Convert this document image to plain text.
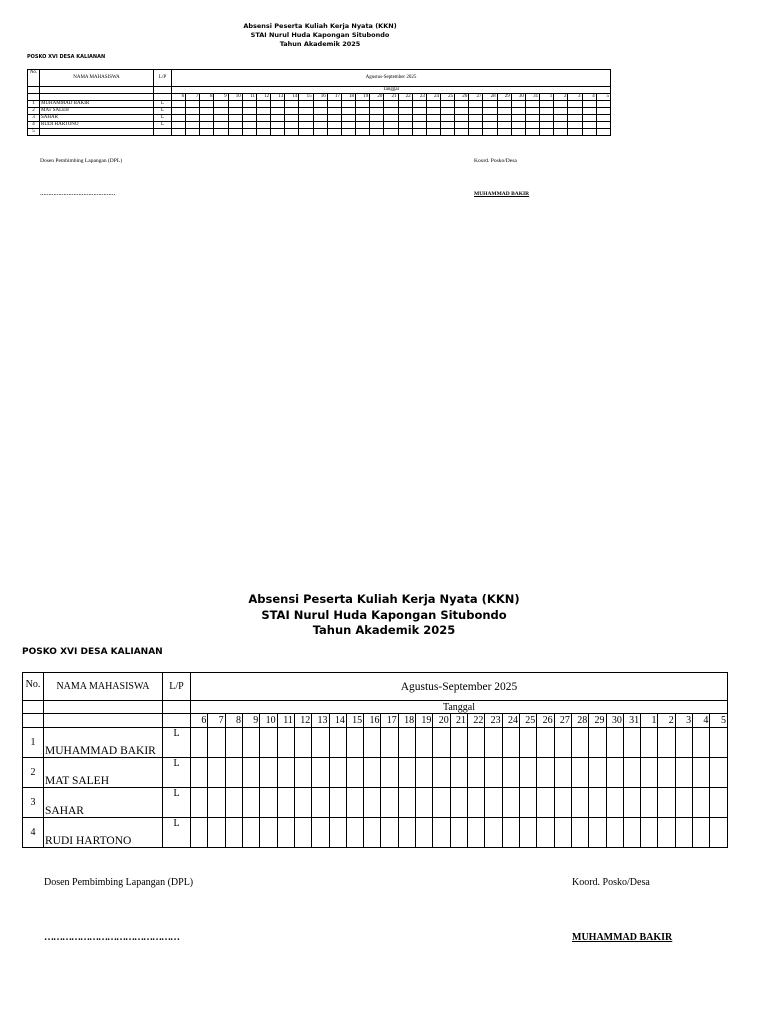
Absensi Peserta Kuliah Kerja Nyata (KKN)
STAI Nurul Huda Kapongan Situbondo
Tahun Akademik 2025
POSKO XVI DESA KALIANAN
No.	NAMA MAHASISWA	L/P	Agustus-September 2025																														
			Tanggal																														
			6	7	8	9	10	11	12	13	14	15	16	17	18	19	20	21	22	23	24	25	26	27	28	29	30	31	1	2	3	4	5
1	MUHAMMAD BAKIR	L																															
2	MAT SALEH	L																															
3	SAHAR	L																															
4	RUDI HARTONO	L																															
5																																	
Dosen Pembimbing Lapangan (DPL)	Koord. Posko/Desa
………………………………………	MUHAMMAD BAKIR
Absensi Peserta Kuliah Kerja Nyata (KKN)
STAI Nurul Huda Kapongan Situbondo
Tahun Akademik 2025
POSKO XVI DESA KALIANAN
No.	NAMA MAHASISWA	L/P	Agustus-September 2025																														
			Tanggal																														
			6	7	8	9	10	11	12	13	14	15	16	17	18	19	20	21	22	23	24	25	26	27	28	29	30	31	1	2	3	4	5
1	MUHAMMAD BAKIR	L																															
2	MAT SALEH	L																															
3	SAHAR	L																															
4	RUDI HARTONO	L																															
Dosen Pembimbing Lapangan (DPL)	Koord. Posko/Desa
………………………………………	MUHAMMAD BAKIR
